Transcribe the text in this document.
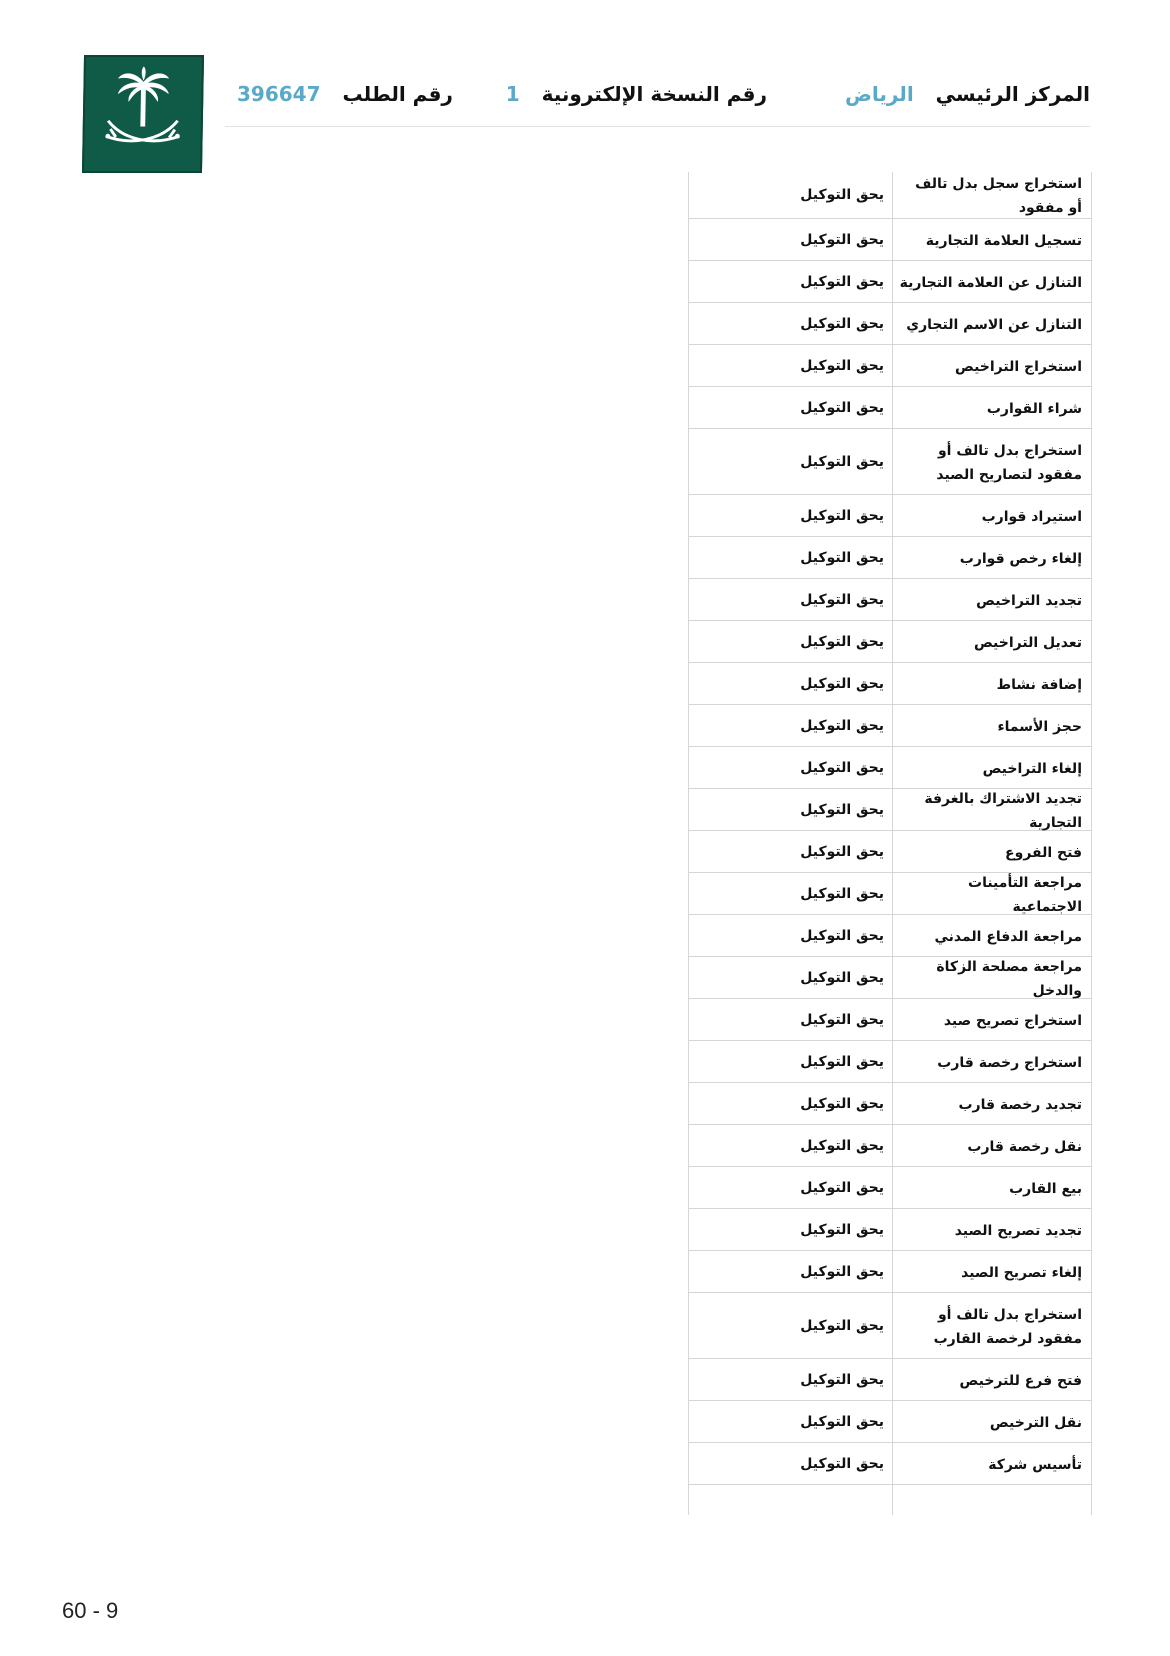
المركز الرئيسي
الرياض
رقم النسخة الإلكترونية
1
رقم الطلب
396647
استخراج سجل بدل تالف أو مفقود
يحق التوكيل
تسجيل العلامة التجارية
يحق التوكيل
التنازل عن العلامة التجارية
يحق التوكيل
التنازل عن الاسم التجاري
يحق التوكيل
استخراج التراخيص
يحق التوكيل
شراء القوارب
يحق التوكيل
استخراج بدل تالف أو مفقود لتصاريح الصيد
يحق التوكيل
استيراد قوارب
يحق التوكيل
إلغاء رخص قوارب
يحق التوكيل
تجديد التراخيص
يحق التوكيل
تعديل التراخيص
يحق التوكيل
إضافة نشاط
يحق التوكيل
حجز الأسماء
يحق التوكيل
إلغاء التراخيص
يحق التوكيل
تجديد الاشتراك بالغرفة التجارية
يحق التوكيل
فتح الفروع
يحق التوكيل
مراجعة التأمينات الاجتماعية
يحق التوكيل
مراجعة الدفاع المدني
يحق التوكيل
مراجعة مصلحة الزكاة والدخل
يحق التوكيل
استخراج تصريح صيد
يحق التوكيل
استخراج رخصة قارب
يحق التوكيل
تجديد رخصة قارب
يحق التوكيل
نقل رخصة قارب
يحق التوكيل
بيع القارب
يحق التوكيل
تجديد تصريح الصيد
يحق التوكيل
إلغاء تصريح الصيد
يحق التوكيل
استخراج بدل تالف أو مفقود لرخصة القارب
يحق التوكيل
فتح فرع للترخيص
يحق التوكيل
نقل الترخيص
يحق التوكيل
تأسيس شركة
يحق التوكيل
60 - 9
